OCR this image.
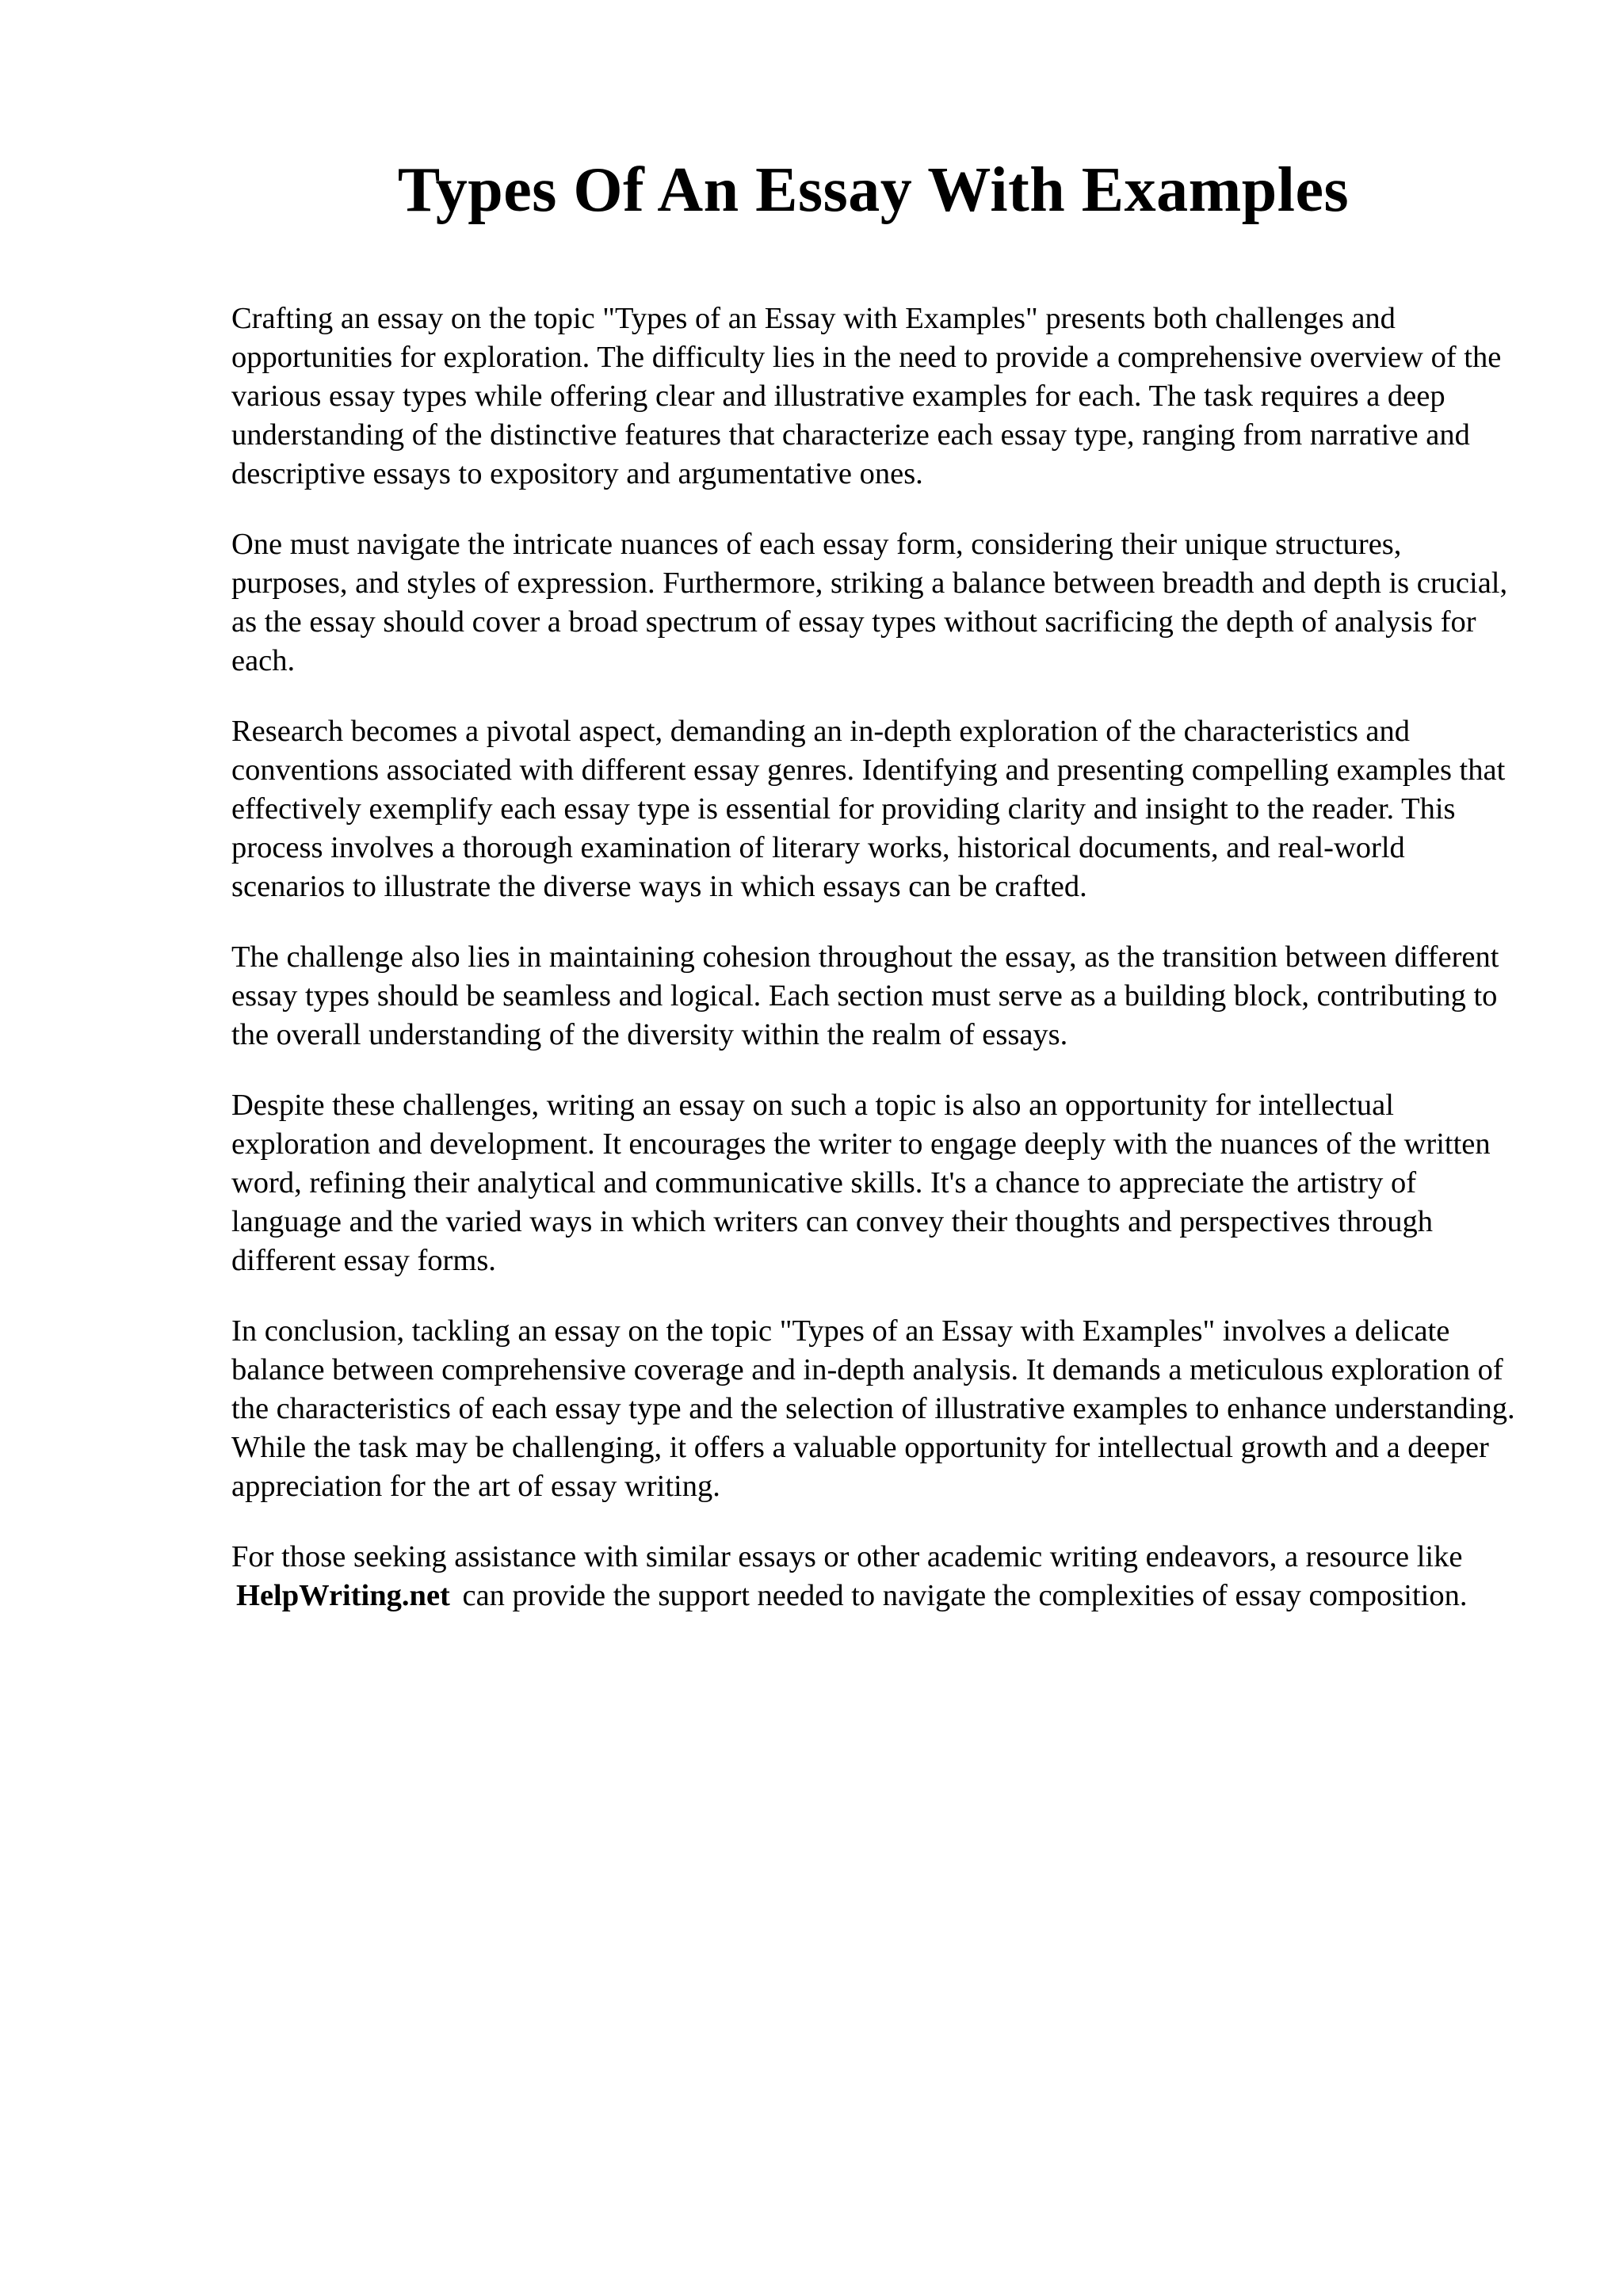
Types Of An Essay With Examples

Crafting an essay on the topic "Types of an Essay with Examples" presents both challenges and opportunities for exploration. The difficulty lies in the need to provide a comprehensive overview of the various essay types while offering clear and illustrative examples for each. The task requires a deep understanding of the distinctive features that characterize each essay type, ranging from narrative and descriptive essays to expository and argumentative ones.

One must navigate the intricate nuances of each essay form, considering their unique structures, purposes, and styles of expression. Furthermore, striking a balance between breadth and depth is crucial, as the essay should cover a broad spectrum of essay types without sacrificing the depth of analysis for each.

Research becomes a pivotal aspect, demanding an in-depth exploration of the characteristics and conventions associated with different essay genres. Identifying and presenting compelling examples that effectively exemplify each essay type is essential for providing clarity and insight to the reader. This process involves a thorough examination of literary works, historical documents, and real-world scenarios to illustrate the diverse ways in which essays can be crafted.

The challenge also lies in maintaining cohesion throughout the essay, as the transition between different essay types should be seamless and logical. Each section must serve as a building block, contributing to the overall understanding of the diversity within the realm of essays.

Despite these challenges, writing an essay on such a topic is also an opportunity for intellectual exploration and development. It encourages the writer to engage deeply with the nuances of the written word, refining their analytical and communicative skills. It's a chance to appreciate the artistry of language and the varied ways in which writers can convey their thoughts and perspectives through different essay forms.

In conclusion, tackling an essay on the topic "Types of an Essay with Examples" involves a delicate balance between comprehensive coverage and in-depth analysis. It demands a meticulous exploration of the characteristics of each essay type and the selection of illustrative examples to enhance understanding. While the task may be challenging, it offers a valuable opportunity for intellectual growth and a deeper appreciation for the art of essay writing.

For those seeking assistance with similar essays or other academic writing endeavors, a resource like HelpWriting.net can provide the support needed to navigate the complexities of essay composition.
